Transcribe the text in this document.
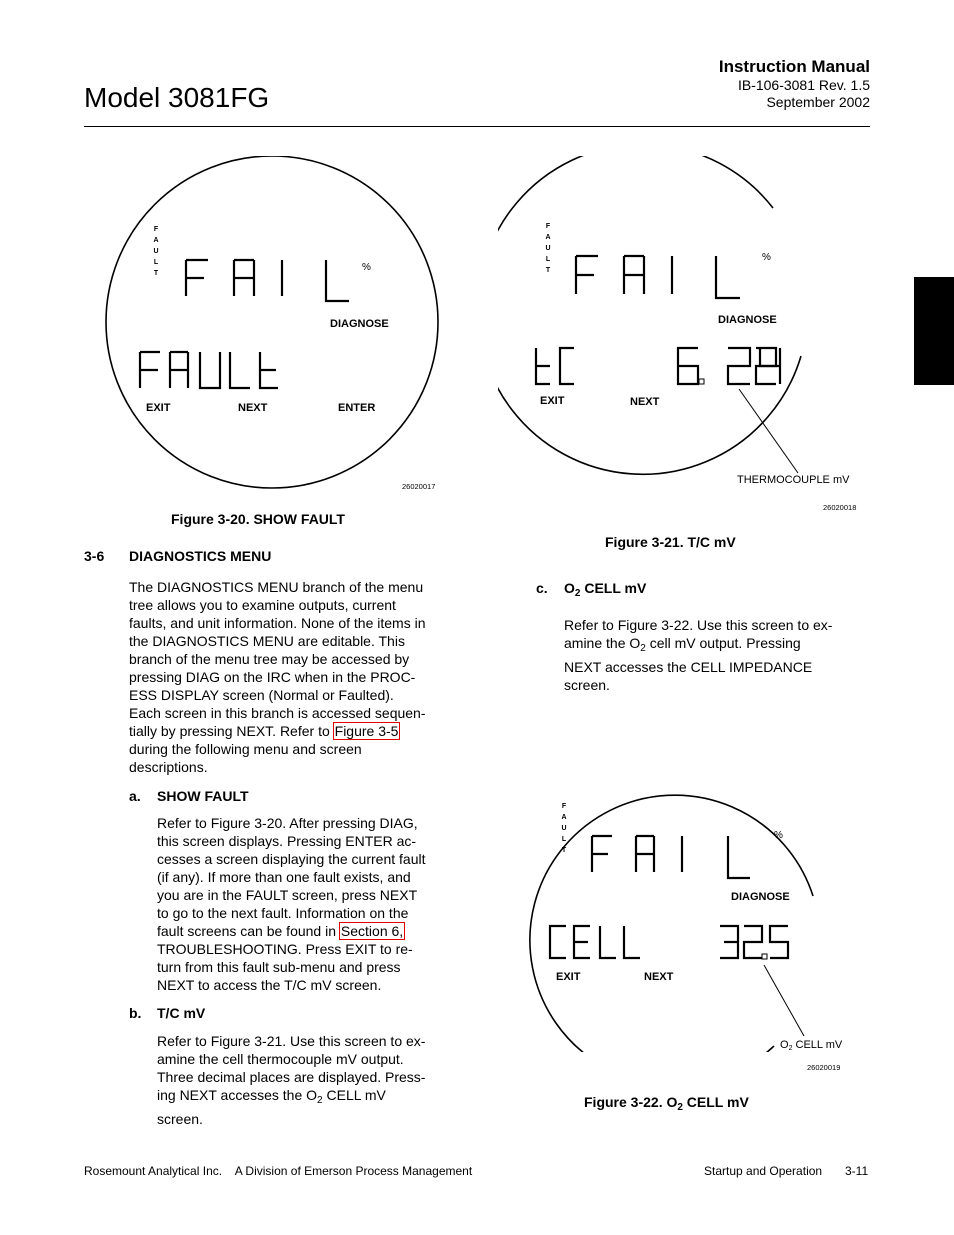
Model 3081FG
Instruction Manual
IB-106-3081 Rev. 1.5
September 2002
F
A
U
L
T
%
DIAGNOSE
EXIT	NEXT	ENTER
26020017
Figure 3-20. SHOW FAULT
F
A
U
L
T
%
DIAGNOSE
EXIT	NEXT
THERMOCOUPLE mV
26020018
Figure 3-21. T/C mV
F
A
U
L
T
%
DIAGNOSE
EXIT	NEXT
$O_2$ CELL mV
26020019
Figure 3-22. $O_2$ CELL mV
3-6 DIAGNOSTICS MENU
The DIAGNOSTICS MENU branch of the menu
tree allows you to examine outputs, current
faults, and unit information. None of the items in
the DIAGNOSTICS MENU are editable. This
branch of the menu tree may be accessed by
pressing DIAG on the IRC when in the PROC-
ESS DISPLAY screen (Normal or Faulted).
Each screen in this branch is accessed sequen-
tially by pressing NEXT. Refer to Figure 3-5
during the following menu and screen
descriptions.
a. SHOW FAULT
Refer to Figure 3-20. After pressing DIAG,
this screen displays. Pressing ENTER ac-
cesses a screen displaying the current fault
(if any). If more than one fault exists, and
you are in the FAULT screen, press NEXT
to go to the next fault. Information on the
fault screens can be found in Section 6,
TROUBLESHOOTING. Press EXIT to re-
turn from this fault sub-menu and press
NEXT to access the T/C mV screen.
b. T/C mV
Refer to Figure 3-21. Use this screen to ex-
amine the cell thermocouple mV output.
Three decimal places are displayed. Press-
ing NEXT accesses the $O_2$ CELL mV
screen.
c. $O_2$ CELL mV
Refer to Figure 3-22. Use this screen to ex-
amine the $O_2$ cell mV output. Pressing
NEXT accesses the CELL IMPEDANCE
screen.
Rosemount Analytical Inc.    A Division of Emerson Process Management	Startup and Operation 3-11
